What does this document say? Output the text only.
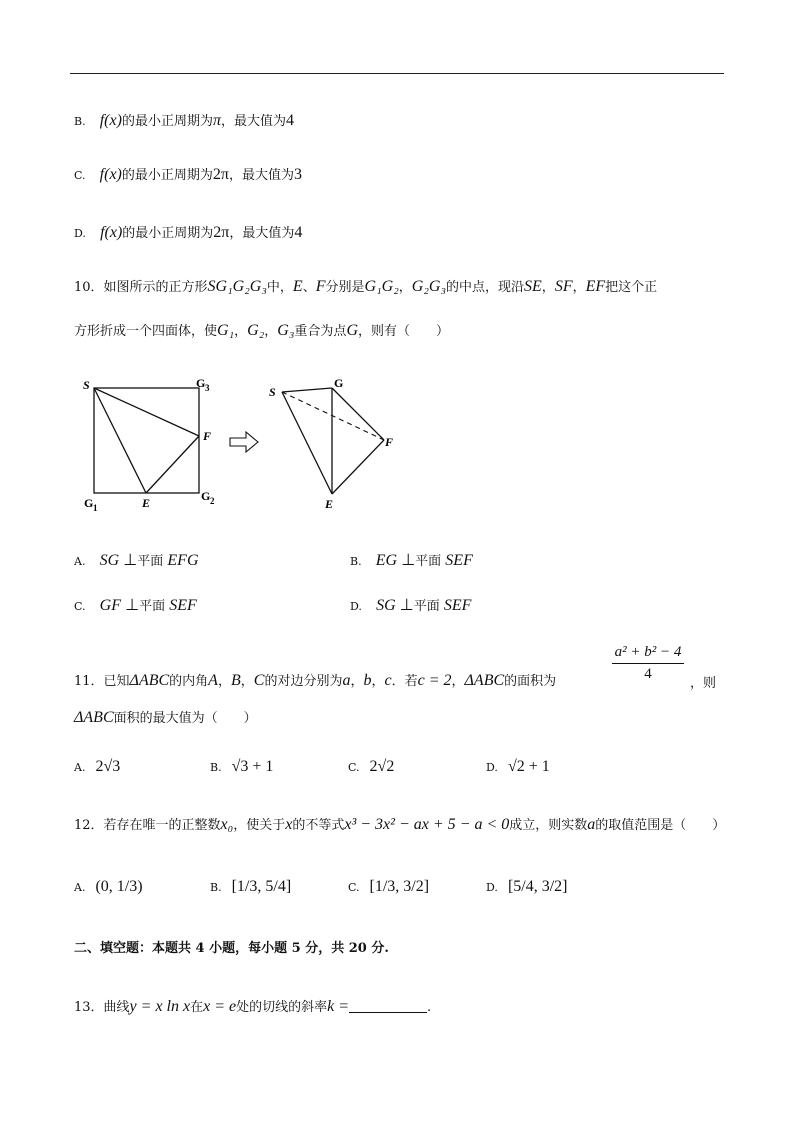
B. f(x)的最小正周期为π，最大值为4
C. f(x)的最小正周期为2π，最大值为3
D. f(x)的最小正周期为2π，最大值为4
10．如图所示的正方形SG₁G₂G₃中，E、F分别是G₁G₂，G₂G₃的中点，现沿SE，SF，EF把这个正
方形折成一个四面体，使G₁，G₂，G₃重合为点G，则有（　　）
S	G 3
F
G 1	E	G 2
S
G
F
E
A. SG ⊥平面 EFG	B. EG ⊥平面 SEF
C. GF ⊥平面 SEF	D. SG ⊥平面 SEF
11．已知ΔABC的内角A，B，C的对边分别为a，b，c．若c = 2，ΔABC的面积为
a² + b² − 4
4
，则
ΔABC面积的最大值为（　　）
A. 2√3	B. √3 + 1	C. 2√2	D. √2 + 1
12．若存在唯一的正整数x₀，使关于x的不等式x³ − 3x² − ax + 5 − a < 0成立，则实数a的取值范围是（　　）
A. (0, 1/3)	B. [1/3, 5/4]	C. [1/3, 3/2]	D. [5/4, 3/2]
二、填空题：本题共 4 小题，每小题 5 分，共 20 分.
13．曲线y = x ln x在x = e处的切线的斜率k =	.
